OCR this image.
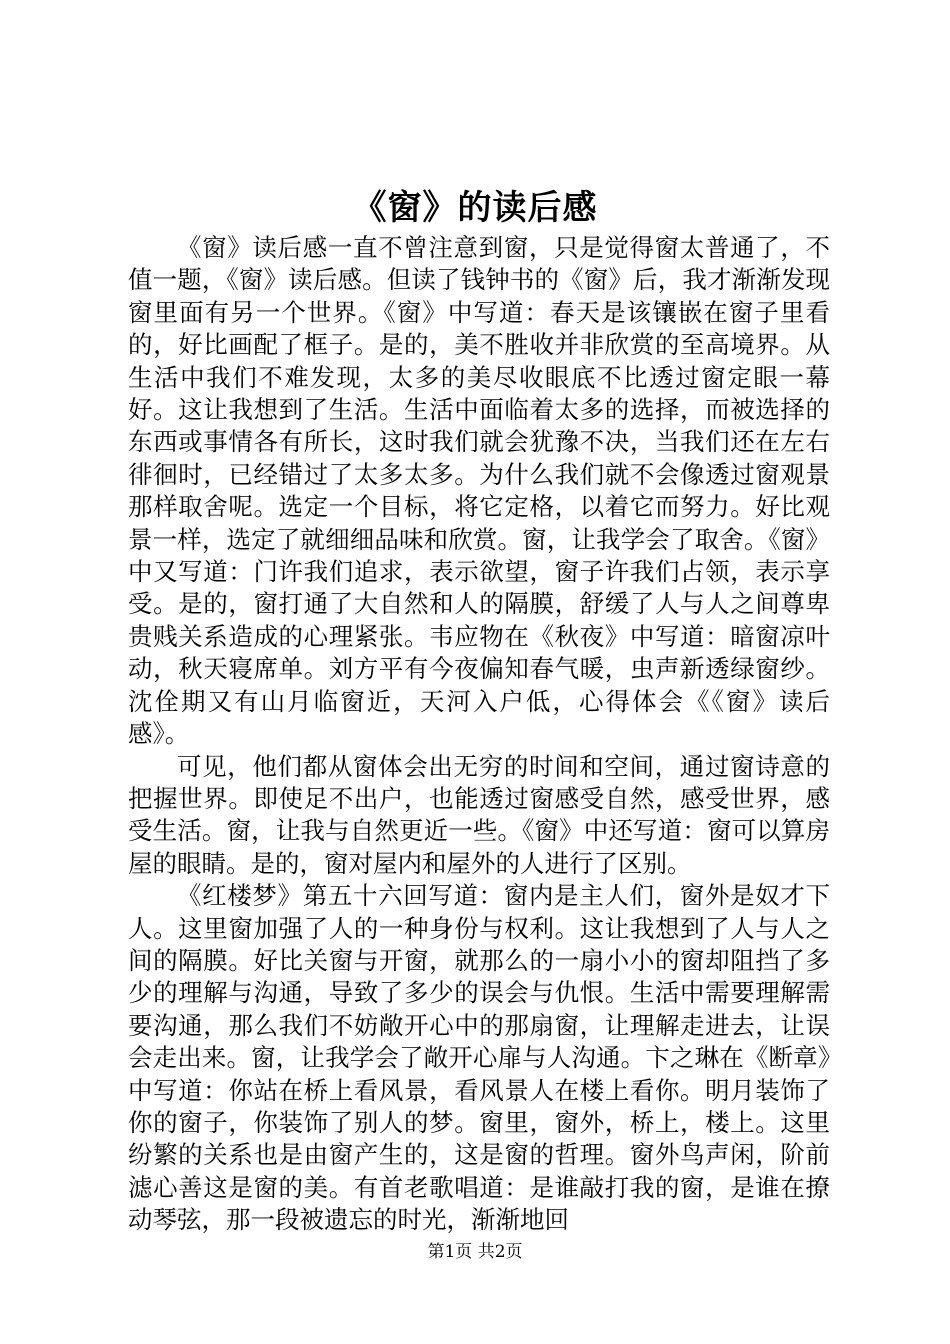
《窗》的读后感

《窗》读后感一直不曾注意到窗，只是觉得窗太普通了，不值一题，《窗》读后感。但读了钱钟书的《窗》后，我才渐渐发现窗里面有另一个世界。《窗》中写道：春天是该镶嵌在窗子里看的，好比画配了框子。是的，美不胜收并非欣赏的至高境界。从生活中我们不难发现，太多的美尽收眼底不比透过窗定眼一幕好。这让我想到了生活。生活中面临着太多的选择，而被选择的东西或事情各有所长，这时我们就会犹豫不决，当我们还在左右徘徊时，已经错过了太多太多。为什么我们就不会像透过窗观景那样取舍呢。选定一个目标，将它定格，以着它而努力。好比观景一样，选定了就细细品味和欣赏。窗，让我学会了取舍。《窗》中又写道：门许我们追求，表示欲望，窗子许我们占领，表示享受。是的，窗打通了大自然和人的隔膜，舒缓了人与人之间尊卑贵贱关系造成的心理紧张。韦应物在《秋夜》中写道：暗窗凉叶动，秋天寝席单。刘方平有今夜偏知春气暖，虫声新透绿窗纱。沈佺期又有山月临窗近，天河入户低，心得体会《《窗》读后感》。

可见，他们都从窗体会出无穷的时间和空间，通过窗诗意的把握世界。即使足不出户，也能透过窗感受自然，感受世界，感受生活。窗，让我与自然更近一些。《窗》中还写道：窗可以算房屋的眼睛。是的，窗对屋内和屋外的人进行了区别。

《红楼梦》第五十六回写道：窗内是主人们，窗外是奴才下人。这里窗加强了人的一种身份与权利。这让我想到了人与人之间的隔膜。好比关窗与开窗，就那么的一扇小小的窗却阻挡了多少的理解与沟通，导致了多少的误会与仇恨。生活中需要理解需要沟通，那么我们不妨敞开心中的那扇窗，让理解走进去，让误会走出来。窗，让我学会了敞开心扉与人沟通。卞之琳在《断章》中写道：你站在桥上看风景，看风景人在楼上看你。明月装饰了你的窗子，你装饰了别人的梦。窗里，窗外，桥上，楼上。这里纷繁的关系也是由窗产生的，这是窗的哲理。窗外鸟声闲，阶前滤心善这是窗的美。有首老歌唱道：是谁敲打我的窗，是谁在撩动琴弦，那一段被遗忘的时光，渐渐地回

第1页 共2页
